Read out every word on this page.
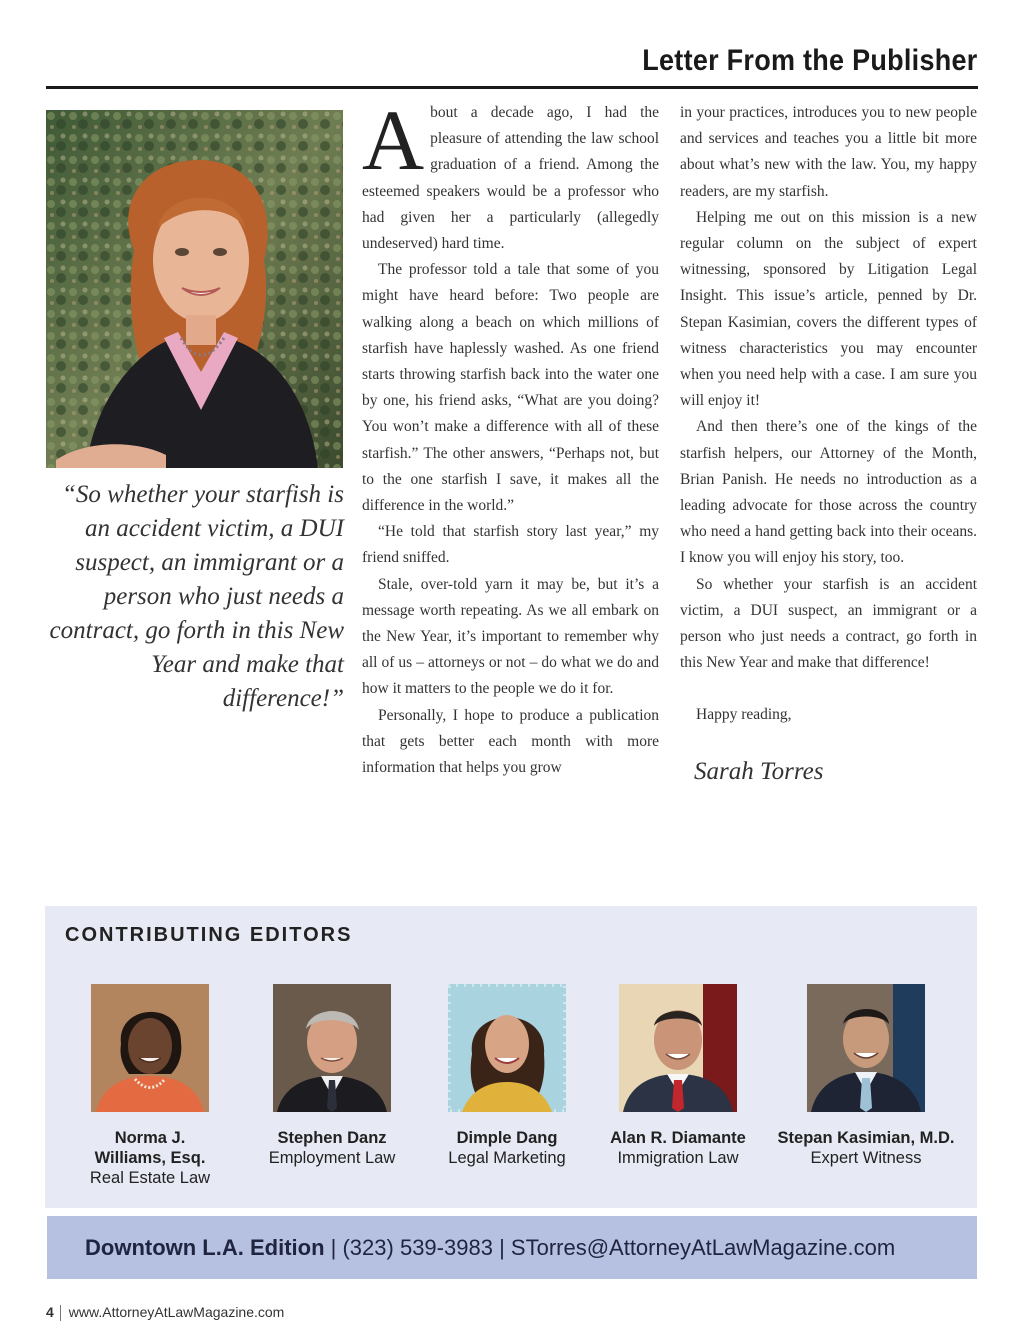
Letter From the Publisher

“So whether your starfish is an accident victim, a DUI suspect, an immigrant or a person who just needs a contract, go forth in this New Year and make that difference!”

About a decade ago, I had the pleasure of attending the law school graduation of a friend. Among the esteemed speakers would be a professor who had given her a particularly (allegedly undeserved) hard time.

The professor told a tale that some of you might have heard before: Two people are walking along a beach on which millions of starfish have haplessly washed. As one friend starts throwing starfish back into the water one by one, his friend asks, “What are you doing? You won’t make a difference with all of these starfish.” The other answers, “Perhaps not, but to the one starfish I save, it makes all the difference in the world.”

“He told that starfish story last year,” my friend sniffed.

Stale, over-told yarn it may be, but it’s a message worth repeating. As we all embark on the New Year, it’s important to remember why all of us – attorneys or not – do what we do and how it matters to the people we do it for.

Personally, I hope to produce a publication that gets better each month with more information that helps you grow

in your practices, introduces you to new people and services and teaches you a little bit more about what’s new with the law. You, my happy readers, are my starfish.

Helping me out on this mission is a new regular column on the subject of expert witnessing, sponsored by Litigation Legal Insight. This issue’s article, penned by Dr. Stepan Kasimian, covers the different types of witness characteristics you may encounter when you need help with a case. I am sure you will enjoy it!

And then there’s one of the kings of the starfish helpers, our Attorney of the Month, Brian Panish. He needs no introduction as a leading advocate for those across the country who need a hand getting back into their oceans. I know you will enjoy his story, too.

So whether your starfish is an accident victim, a DUI suspect, an immigrant or a person who just needs a contract, go forth in this New Year and make that difference!

Happy reading,

Sarah Torres
CONTRIBUTING EDITORS
Norma J. Williams, Esq.
Real Estate Law
Stephen Danz
Employment Law
Dimple Dang
Legal Marketing
Alan R. Diamante
Immigration Law
Stepan Kasimian, M.D.
Expert Witness
Downtown L.A. Edition | (323) 539-3983 | STorres@AttorneyAtLawMagazine.com
4 www.AttorneyAtLawMagazine.com
